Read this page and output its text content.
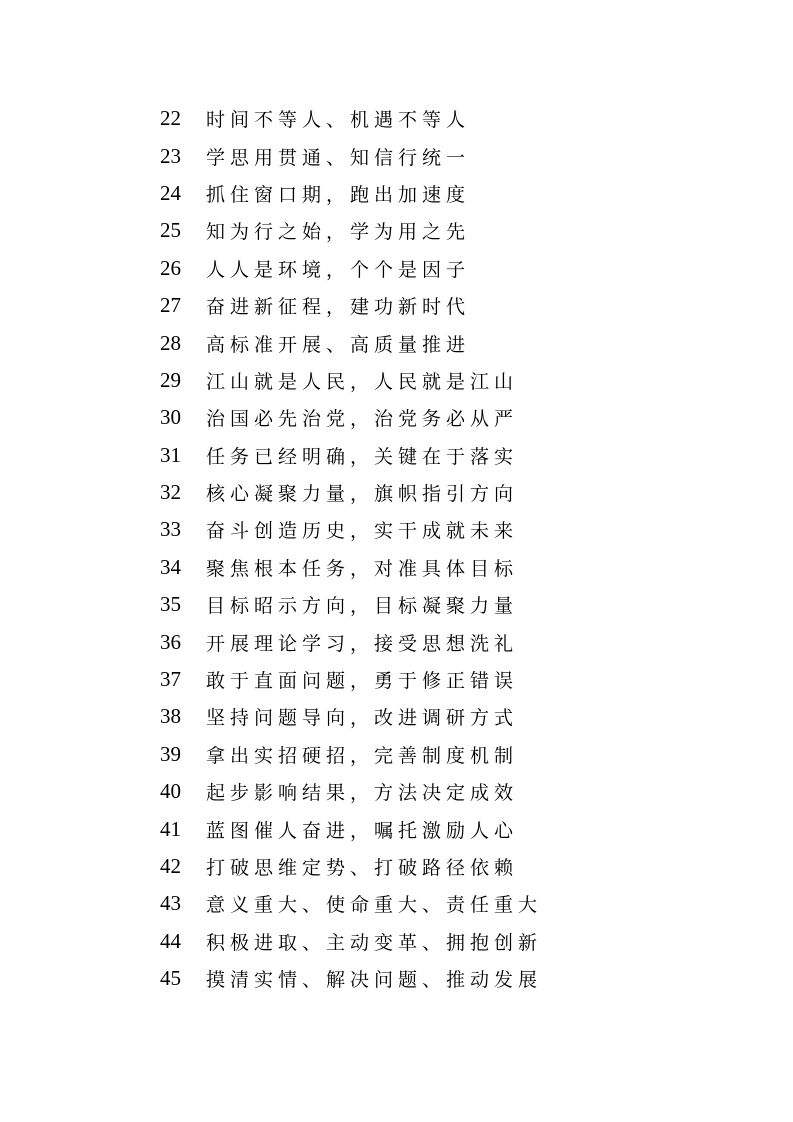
22	时间不等人、机遇不等人
23	学思用贯通、知信行统一
24	抓住窗口期，跑出加速度
25	知为行之始，学为用之先
26	人人是环境，个个是因子
27	奋进新征程，建功新时代
28	高标准开展、高质量推进
29	江山就是人民，人民就是江山
30	治国必先治党，治党务必从严
31	任务已经明确，关键在于落实
32	核心凝聚力量，旗帜指引方向
33	奋斗创造历史，实干成就未来
34	聚焦根本任务，对准具体目标
35	目标昭示方向，目标凝聚力量
36	开展理论学习，接受思想洗礼
37	敢于直面问题，勇于修正错误
38	坚持问题导向，改进调研方式
39	拿出实招硬招，完善制度机制
40	起步影响结果，方法决定成效
41	蓝图催人奋进，嘱托激励人心
42	打破思维定势、打破路径依赖
43	意义重大、使命重大、责任重大
44	积极进取、主动变革、拥抱创新
45	摸清实情、解决问题、推动发展
